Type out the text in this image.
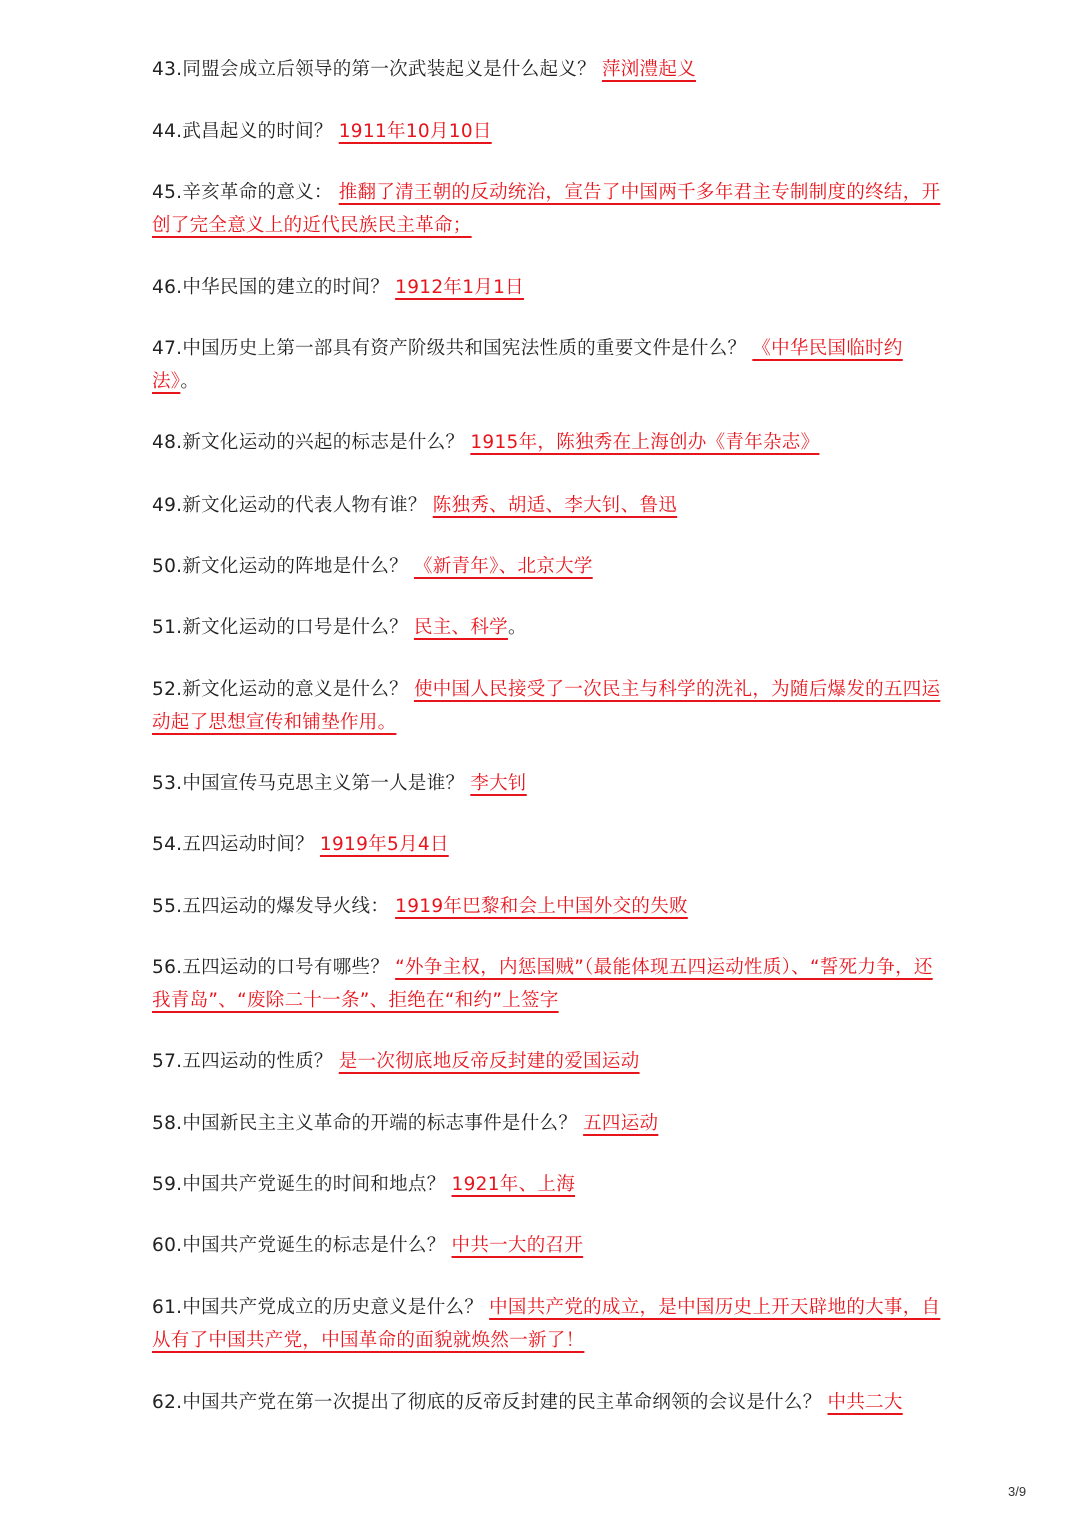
43.同盟会成立后领导的第一次武装起义是什么起义？ 萍浏澧起义
44.武昌起义的时间？ 1911年10月10日
45.辛亥革命的意义： 推翻了清王朝的反动统治，宣告了中国两千多年君主专制制度的终结，开创了完全意义上的近代民族民主革命；
46.中华民国的建立的时间？ 1912年1月1日
47.中国历史上第一部具有资产阶级共和国宪法性质的重要文件是什么？ 《中华民国临时约法》。
48.新文化运动的兴起的标志是什么？ 1915年，陈独秀在上海创办《青年杂志》
49.新文化运动的代表人物有谁？ 陈独秀、胡适、李大钊、鲁迅
50.新文化运动的阵地是什么？ 《新青年》、北京大学
51.新文化运动的口号是什么？ 民主、科学。
52.新文化运动的意义是什么？ 使中国人民接受了一次民主与科学的洗礼，为随后爆发的五四运动起了思想宣传和铺垫作用。
53.中国宣传马克思主义第一人是谁？ 李大钊
54.五四运动时间？ 1919年5月4日
55.五四运动的爆发导火线： 1919年巴黎和会上中国外交的失败
56.五四运动的口号有哪些？ “外争主权，内惩国贼”（最能体现五四运动性质）、“誓死力争，还我青岛”、“废除二十一条”、拒绝在“和约”上签字
57.五四运动的性质？ 是一次彻底地反帝反封建的爱国运动
58.中国新民主主义革命的开端的标志事件是什么？ 五四运动
59.中国共产党诞生的时间和地点？ 1921年、上海
60.中国共产党诞生的标志是什么？ 中共一大的召开
61.中国共产党成立的历史意义是什么？ 中国共产党的成立，是中国历史上开天辟地的大事，自从有了中国共产党，中国革命的面貌就焕然一新了！
62.中国共产党在第一次提出了彻底的反帝反封建的民主革命纲领的会议是什么？ 中共二大
3/9
